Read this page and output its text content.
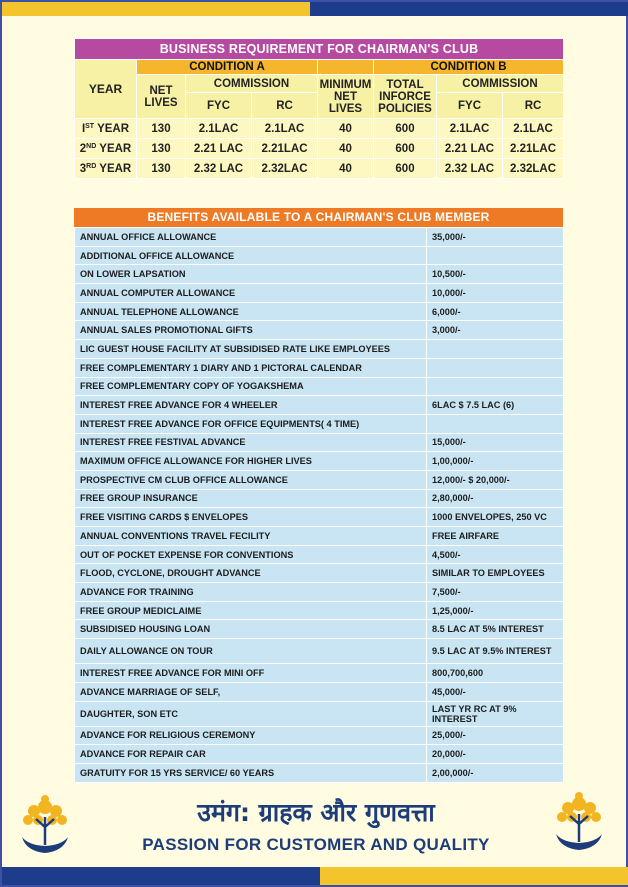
BUSINESS REQUIREMENT FOR CHAIRMAN'S CLUB							
YEAR	CONDITION A				CONDITION B		
	NET LIVES	COMMISSION		MINIMUM NET LIVES	TOTAL INFORCE POLICIES	COMMISSION	
		FYC	RC			FYC	RC
IST YEAR	130	2.1LAC	2.1LAC	40	600	2.1LAC	2.1LAC
2ND YEAR	130	2.21 LAC	2.21LAC	40	600	2.21 LAC	2.21LAC
3RD YEAR	130	2.32 LAC	2.32LAC	40	600	2.32 LAC	2.32LAC
BENEFITS AVAILABLE TO A CHAIRMAN'S CLUB MEMBER
ANNUAL OFFICE ALLOWANCE	35,000/-
ADDITIONAL OFFICE ALLOWANCE	
ON LOWER LAPSATION	10,500/-
ANNUAL COMPUTER ALLOWANCE	10,000/-
ANNUAL TELEPHONE ALLOWANCE	6,000/-
ANNUAL SALES PROMOTIONAL GIFTS	3,000/-
LIC GUEST HOUSE FACILITY AT SUBSIDISED RATE LIKE EMPLOYEES	
FREE COMPLEMENTARY 1 DIARY AND 1 PICTORAL CALENDAR	
FREE COMPLEMENTARY COPY OF YOGAKSHEMA	
INTEREST FREE ADVANCE FOR 4 WHEELER	6LAC $ 7.5 LAC (6)
INTEREST FREE ADVANCE FOR OFFICE EQUIPMENTS( 4 TIME)	
INTEREST FREE FESTIVAL ADVANCE	15,000/-
MAXIMUM OFFICE ALLOWANCE FOR HIGHER LIVES	1,00,000/-
PROSPECTIVE CM CLUB OFFICE ALLOWANCE	12,000/- $ 20,000/-
FREE GROUP INSURANCE	2,80,000/-
FREE VISITING CARDS $ ENVELOPES	1000 ENVELOPES, 250 VC
ANNUAL CONVENTIONS TRAVEL FECILITY	FREE AIRFARE
OUT OF POCKET EXPENSE FOR CONVENTIONS	4,500/-
FLOOD, CYCLONE, DROUGHT ADVANCE	SIMILAR TO EMPLOYEES
ADVANCE FOR TRAINING	7,500/-
FREE GROUP MEDICLAIME	1,25,000/-
SUBSIDISED HOUSING LOAN	8.5 LAC AT 5% INTEREST
DAILY ALLOWANCE ON TOUR	9.5 LAC AT 9.5% INTEREST
INTEREST FREE ADVANCE FOR MINI OFF	800,700,600
ADVANCE MARRIAGE OF SELF,	45,000/-
DAUGHTER, SON ETC	LAST YR RC AT 9% INTEREST
ADVANCE FOR RELIGIOUS CEREMONY	25,000/-
ADVANCE FOR REPAIR CAR	20,000/-
GRATUITY FOR 15 YRS SERVICE/ 60 YEARS	2,00,000/-
उमंग: ग्राहक और गुणवत्ता
PASSION FOR CUSTOMER AND QUALITY
